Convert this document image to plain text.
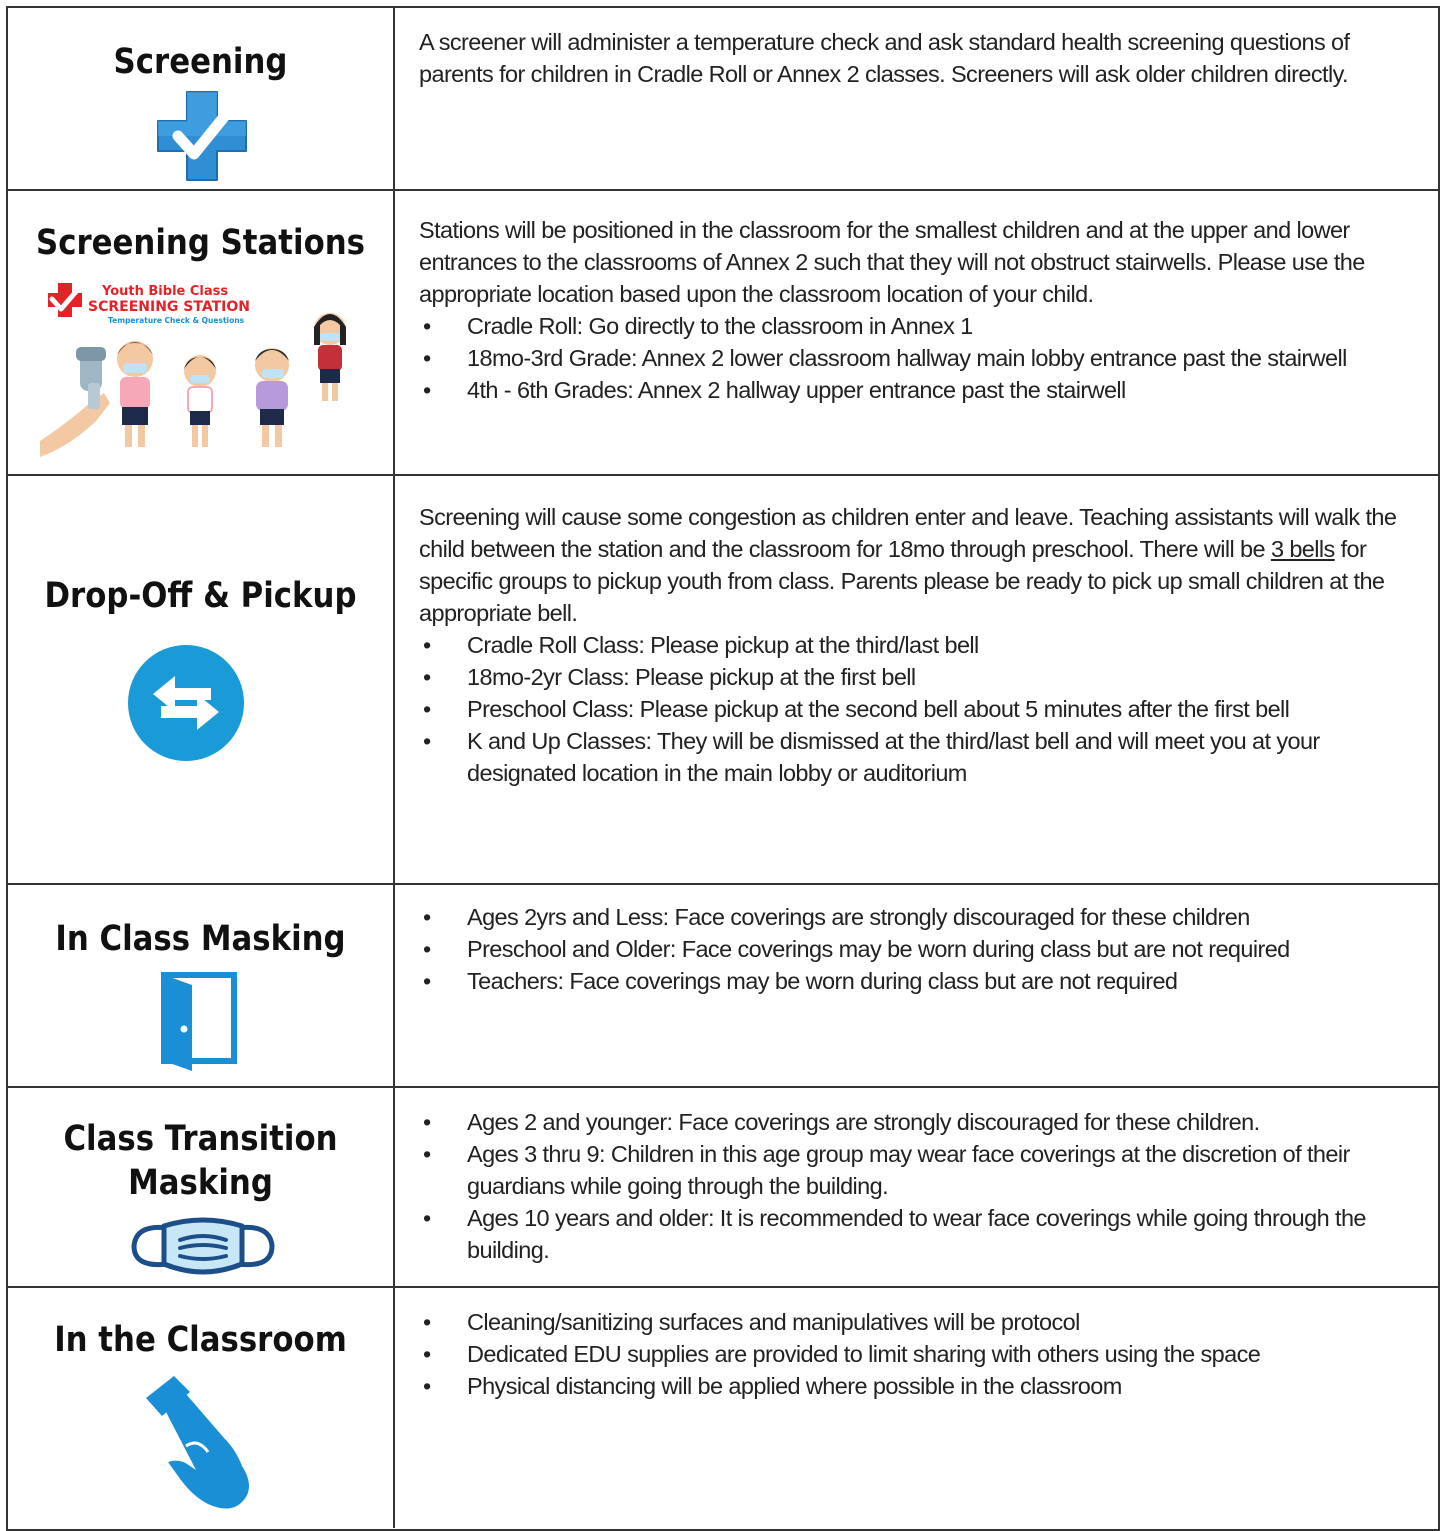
Screening	A screener will administer a temperature check and ask standard health screening questions of parents for children in Cradle Roll or Annex 2 classes. Screeners will ask older children directly.

Screening Stations
Youth Bible Class
SCREENING STATION
Temperature Check & Questions

Stations will be positioned in the classroom for the smallest children and at the upper and lower entrances to the classrooms of Annex 2 such that they will not obstruct stairwells. Please use the appropriate location based upon the classroom location of your child.

• Cradle Roll: Go directly to the classroom in Annex 1
• 18mo-3rd Grade: Annex 2 lower classroom hallway main lobby entrance past the stairwell
• 4th - 6th Grades: Annex 2 hallway upper entrance past the stairwell
Drop-Off & Pickup

Screening will cause some congestion as children enter and leave. Teaching assistants will walk the child between the station and the classroom for 18mo through preschool. There will be 3 bells for specific groups to pickup youth from class. Parents please be ready to pick up small children at the appropriate bell.

• Cradle Roll Class: Please pickup at the third/last bell
• 18mo-2yr Class: Please pickup at the first bell
• Preschool Class: Please pickup at the second bell about 5 minutes after the first bell
• K and Up Classes: They will be dismissed at the third/last bell and will meet you at your designated location in the main lobby or auditorium
In Class Masking
• Ages 2yrs and Less: Face coverings are strongly discouraged for these children
• Preschool and Older: Face coverings may be worn during class but are not required
• Teachers: Face coverings may be worn during class but are not required
Class Transition
Masking
• Ages 2 and younger: Face coverings are strongly discouraged for these children.
• Ages 3 thru 9: Children in this age group may wear face coverings at the discretion of their guardians while going through the building.
• Ages 10 years and older: It is recommended to wear face coverings while going through the building.
In the Classroom	• Cleaning/sanitizing surfaces and manipulatives will be protocol
• Dedicated EDU supplies are provided to limit sharing with others using the space
• Physical distancing will be applied where possible in the classroom
